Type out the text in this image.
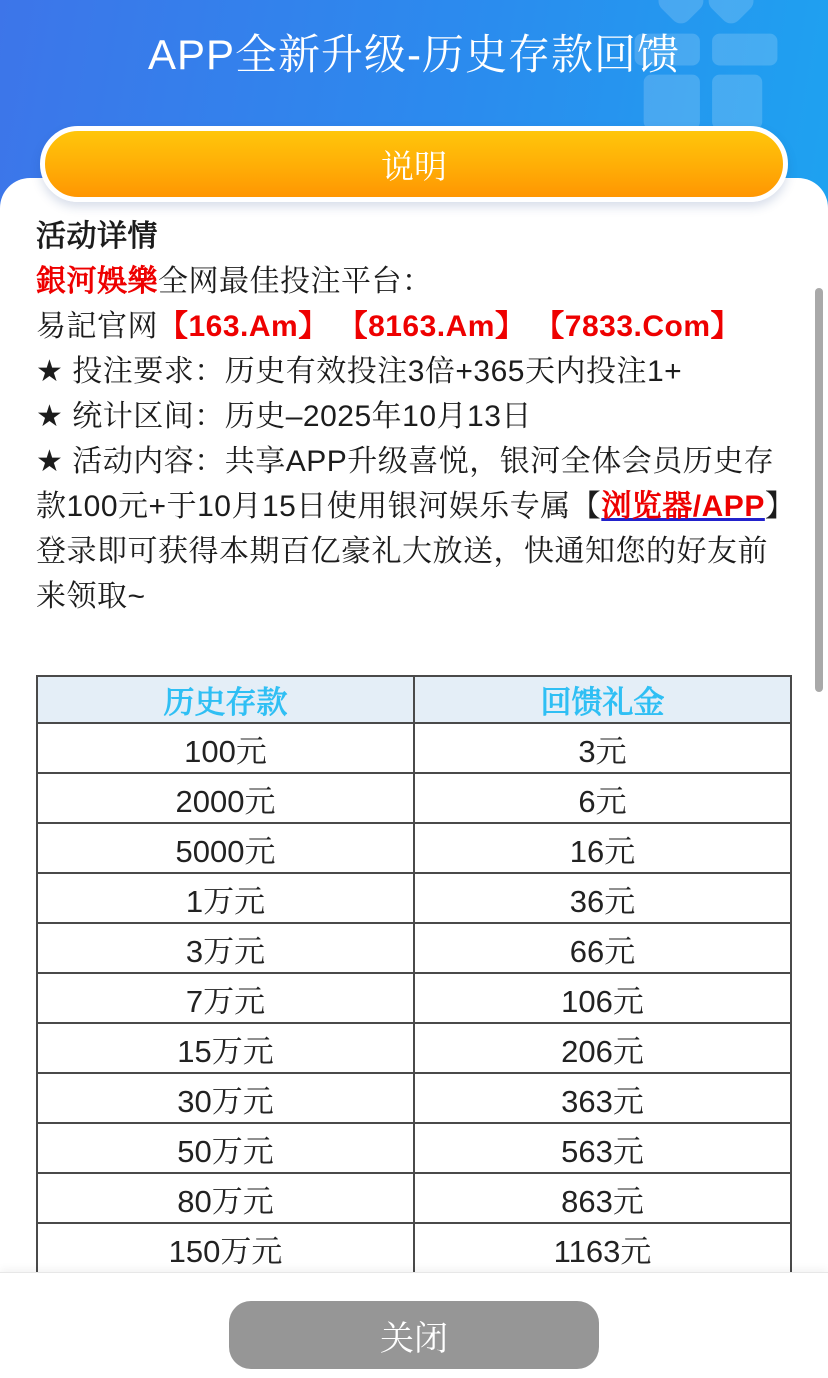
APP全新升级-历史存款回馈
说明

活动详情

銀河娛樂全网最佳投注平台：

易記官网【163.Am】 【8163.Am】 【7833.Com】

★ 投注要求：历史有效投注3倍+365天内投注1+

★ 统计区间：历史–2025年10月13日

★ 活动内容：共享APP升级喜悦，银河全体会员历史存款100元+于10月15日使用银河娱乐专属【浏览器/APP】登录即可获得本期百亿豪礼大放送，快通知您的好友前来领取~

历史存款	回馈礼金
100元	3元
2000元	6元
5000元	16元
1万元	36元
3万元	66元
7万元	106元
15万元	206元
30万元	363元
50万元	563元
80万元	863元
150万元	1163元

关闭
